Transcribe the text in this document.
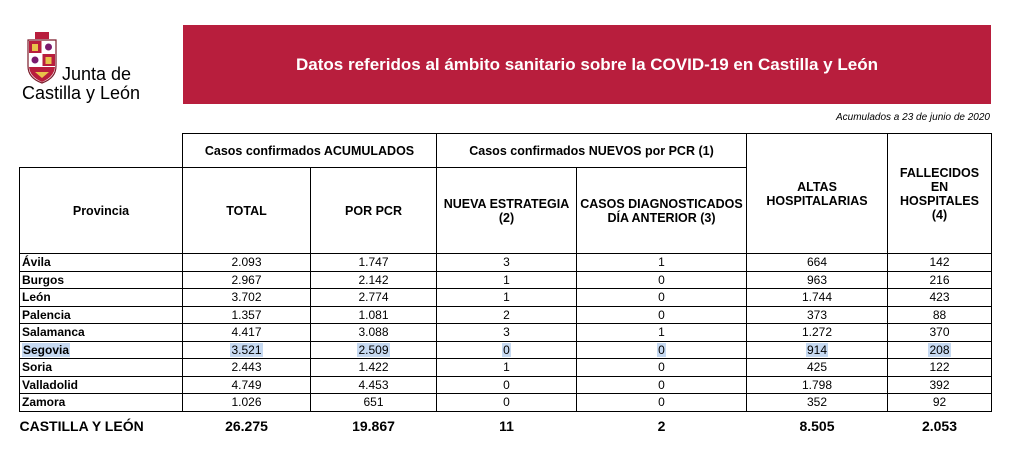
Junta de
Castilla y León
Datos referidos al ámbito sanitario sobre la COVID-19 en Castilla y León
Acumulados a 23 de junio de 2020
	Casos confirmados ACUMULADOS		Casos confirmados NUEVOS por PCR (1)		ALTAS HOSPITALARIAS	FALLECIDOS EN HOSPITALES (4)
Provincia	TOTAL	POR PCR	NUEVA ESTRATEGIA (2)	CASOS DIAGNOSTICADOS DÍA ANTERIOR (3)		
Ávila	2.093	1.747	3	1	664	142
Burgos	2.967	2.142	1	0	963	216
León	3.702	2.774	1	0	1.744	423
Palencia	1.357	1.081	2	0	373	88
Salamanca	4.417	3.088	3	1	1.272	370
Segovia	3.521	2.509	0	0	914	208
Soria	2.443	1.422	1	0	425	122
Valladolid	4.749	4.453	0	0	1.798	392
Zamora	1.026	651	0	0	352	92
CASTILLA Y LEÓN	26.275	19.867	11	2	8.505	2.053
